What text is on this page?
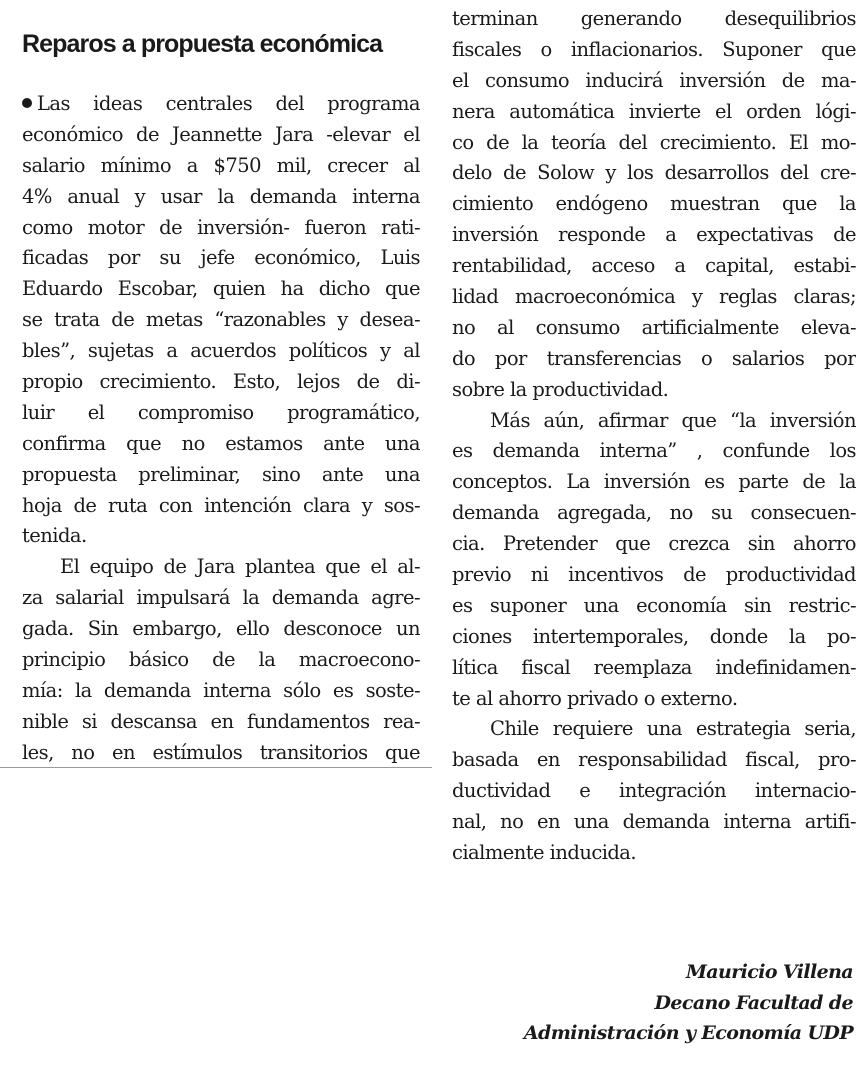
Reparos a propuesta económica
Las ideas centrales del programa
económico de Jeannette Jara -elevar el
salario mínimo a $750 mil, crecer al
4% anual y usar la demanda interna
como motor de inversión- fueron rati-
ficadas por su jefe económico, Luis
Eduardo Escobar, quien ha dicho que
se trata de metas “razonables y desea-
bles”, sujetas a acuerdos políticos y al
propio crecimiento. Esto, lejos de di-
luir el compromiso programático,
confirma que no estamos ante una
propuesta preliminar, sino ante una
hoja de ruta con intención clara y sos-
tenida.
El equipo de Jara plantea que el al-
za salarial impulsará la demanda agre-
gada. Sin embargo, ello desconoce un
principio básico de la macroecono-
mía: la demanda interna sólo es soste-
nible si descansa en fundamentos rea-
les, no en estímulos transitorios que
terminan generando desequilibrios
fiscales o inflacionarios. Suponer que
el consumo inducirá inversión de ma-
nera automática invierte el orden lógi-
co de la teoría del crecimiento. El mo-
delo de Solow y los desarrollos del cre-
cimiento endógeno muestran que la
inversión responde a expectativas de
rentabilidad, acceso a capital, estabi-
lidad macroeconómica y reglas claras;
no al consumo artificialmente eleva-
do por transferencias o salarios por
sobre la productividad.
Más aún, afirmar que “la inversión
es demanda interna” , confunde los
conceptos. La inversión es parte de la
demanda agregada, no su consecuen-
cia. Pretender que crezca sin ahorro
previo ni incentivos de productividad
es suponer una economía sin restric-
ciones intertemporales, donde la po-
lítica fiscal reemplaza indefinidamen-
te al ahorro privado o externo.
Chile requiere una estrategia seria,
basada en responsabilidad fiscal, pro-
ductividad e integración internacio-
nal, no en una demanda interna artifi-
cialmente inducida.
Mauricio Villena
Decano Facultad de
Administración y Economía UDP
